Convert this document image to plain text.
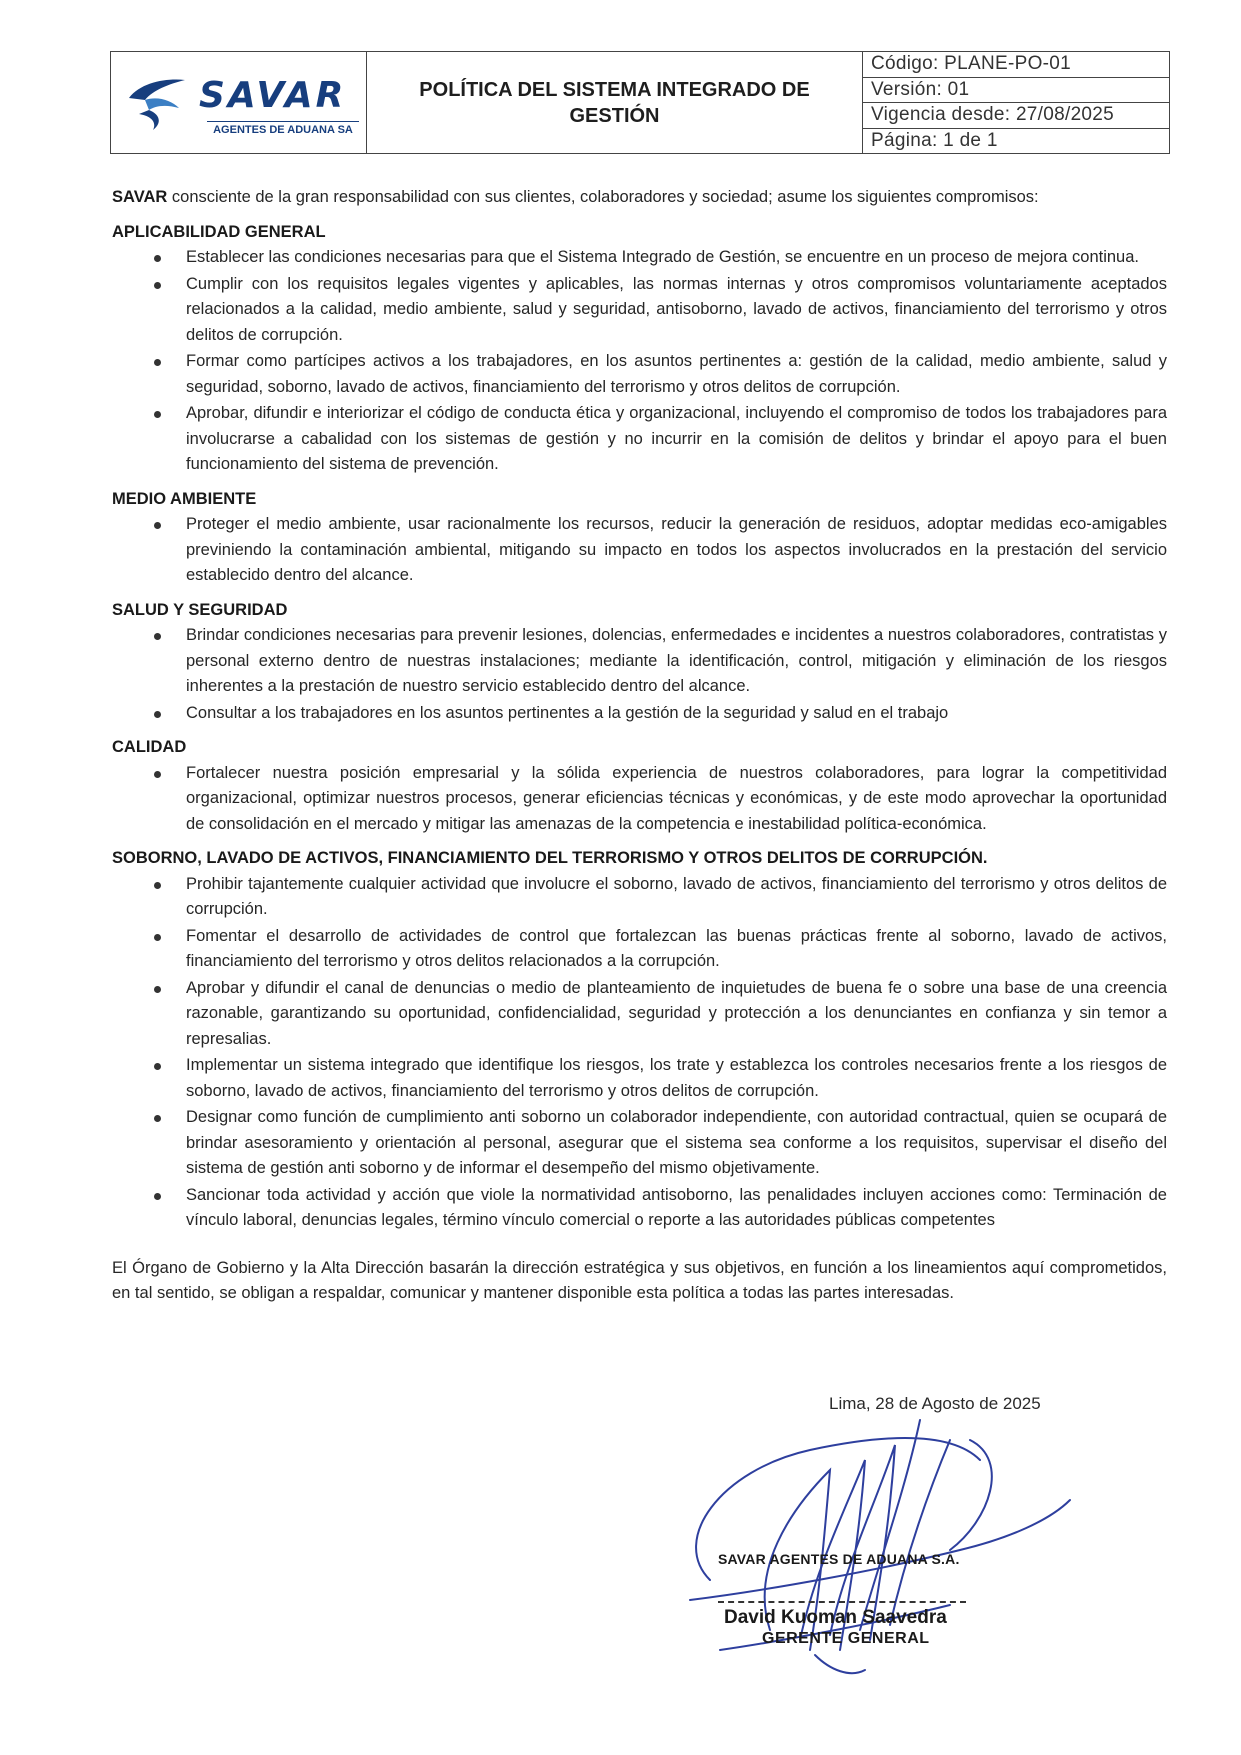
SAVAR
AGENTES DE ADUANA SA
POLÍTICA DEL SISTEMA INTEGRADO DE GESTIÓN
Código: PLANE-PO-01
Versión: 01
Vigencia desde: 27/08/2025
Página: 1 de 1

SAVAR consciente de la gran responsabilidad con sus clientes, colaboradores y sociedad; asume los siguientes compromisos:

APLICABILIDAD GENERAL

Establecer las condiciones necesarias para que el Sistema Integrado de Gestión, se encuentre en un proceso de mejora continua.
Cumplir con los requisitos legales vigentes y aplicables, las normas internas y otros compromisos voluntariamente aceptados relacionados a la calidad, medio ambiente, salud y seguridad, antisoborno, lavado de activos, financiamiento del terrorismo y otros delitos de corrupción.
Formar como partícipes activos a los trabajadores, en los asuntos pertinentes a: gestión de la calidad, medio ambiente, salud y seguridad, soborno, lavado de activos, financiamiento del terrorismo y otros delitos de corrupción.
Aprobar, difundir e interiorizar el código de conducta ética y organizacional, incluyendo el compromiso de todos los trabajadores para involucrarse a cabalidad con los sistemas de gestión y no incurrir en la comisión de delitos y brindar el apoyo para el buen funcionamiento del sistema de prevención.

MEDIO AMBIENTE

Proteger el medio ambiente, usar racionalmente los recursos, reducir la generación de residuos, adoptar medidas eco-amigables previniendo la contaminación ambiental, mitigando su impacto en todos los aspectos involucrados en la prestación del servicio establecido dentro del alcance.

SALUD Y SEGURIDAD

Brindar condiciones necesarias para prevenir lesiones, dolencias, enfermedades e incidentes a nuestros colaboradores, contratistas y personal externo dentro de nuestras instalaciones; mediante la identificación, control, mitigación y eliminación de los riesgos inherentes a la prestación de nuestro servicio establecido dentro del alcance.
Consultar a los trabajadores en los asuntos pertinentes a la gestión de la seguridad y salud en el trabajo

CALIDAD

Fortalecer nuestra posición empresarial y la sólida experiencia de nuestros colaboradores, para lograr la competitividad organizacional, optimizar nuestros procesos, generar eficiencias técnicas y económicas, y de este modo aprovechar la oportunidad de consolidación en el mercado y mitigar las amenazas de la competencia e inestabilidad política-económica.

SOBORNO, LAVADO DE ACTIVOS, FINANCIAMIENTO DEL TERRORISMO Y OTROS DELITOS DE CORRUPCIÓN.

Prohibir tajantemente cualquier actividad que involucre el soborno, lavado de activos, financiamiento del terrorismo y otros delitos de corrupción.
Fomentar el desarrollo de actividades de control que fortalezcan las buenas prácticas frente al soborno, lavado de activos, financiamiento del terrorismo y otros delitos relacionados a la corrupción.
Aprobar y difundir el canal de denuncias o medio de planteamiento de inquietudes de buena fe o sobre una base de una creencia razonable, garantizando su oportunidad, confidencialidad, seguridad y protección a los denunciantes en confianza y sin temor a represalias.
Implementar un sistema integrado que identifique los riesgos, los trate y establezca los controles necesarios frente a los riesgos de soborno, lavado de activos, financiamiento del terrorismo y otros delitos de corrupción.
Designar como función de cumplimiento anti soborno un colaborador independiente, con autoridad contractual, quien se ocupará de brindar asesoramiento y orientación al personal, asegurar que el sistema sea conforme a los requisitos, supervisar el diseño del sistema de gestión anti soborno y de informar el desempeño del mismo objetivamente.
Sancionar toda actividad y acción que viole la normatividad antisoborno, las penalidades incluyen acciones como: Terminación de vínculo laboral, denuncias legales, término vínculo comercial o reporte a las autoridades públicas competentes

El Órgano de Gobierno y la Alta Dirección basarán la dirección estratégica y sus objetivos, en función a los lineamientos aquí comprometidos, en tal sentido, se obligan a respaldar, comunicar y mantener disponible esta política a todas las partes interesadas.

Lima, 28 de Agosto de 2025
SAVAR AGENTES DE ADUANA S.A.
David Kuoman Saavedra
GERENTE GENERAL
